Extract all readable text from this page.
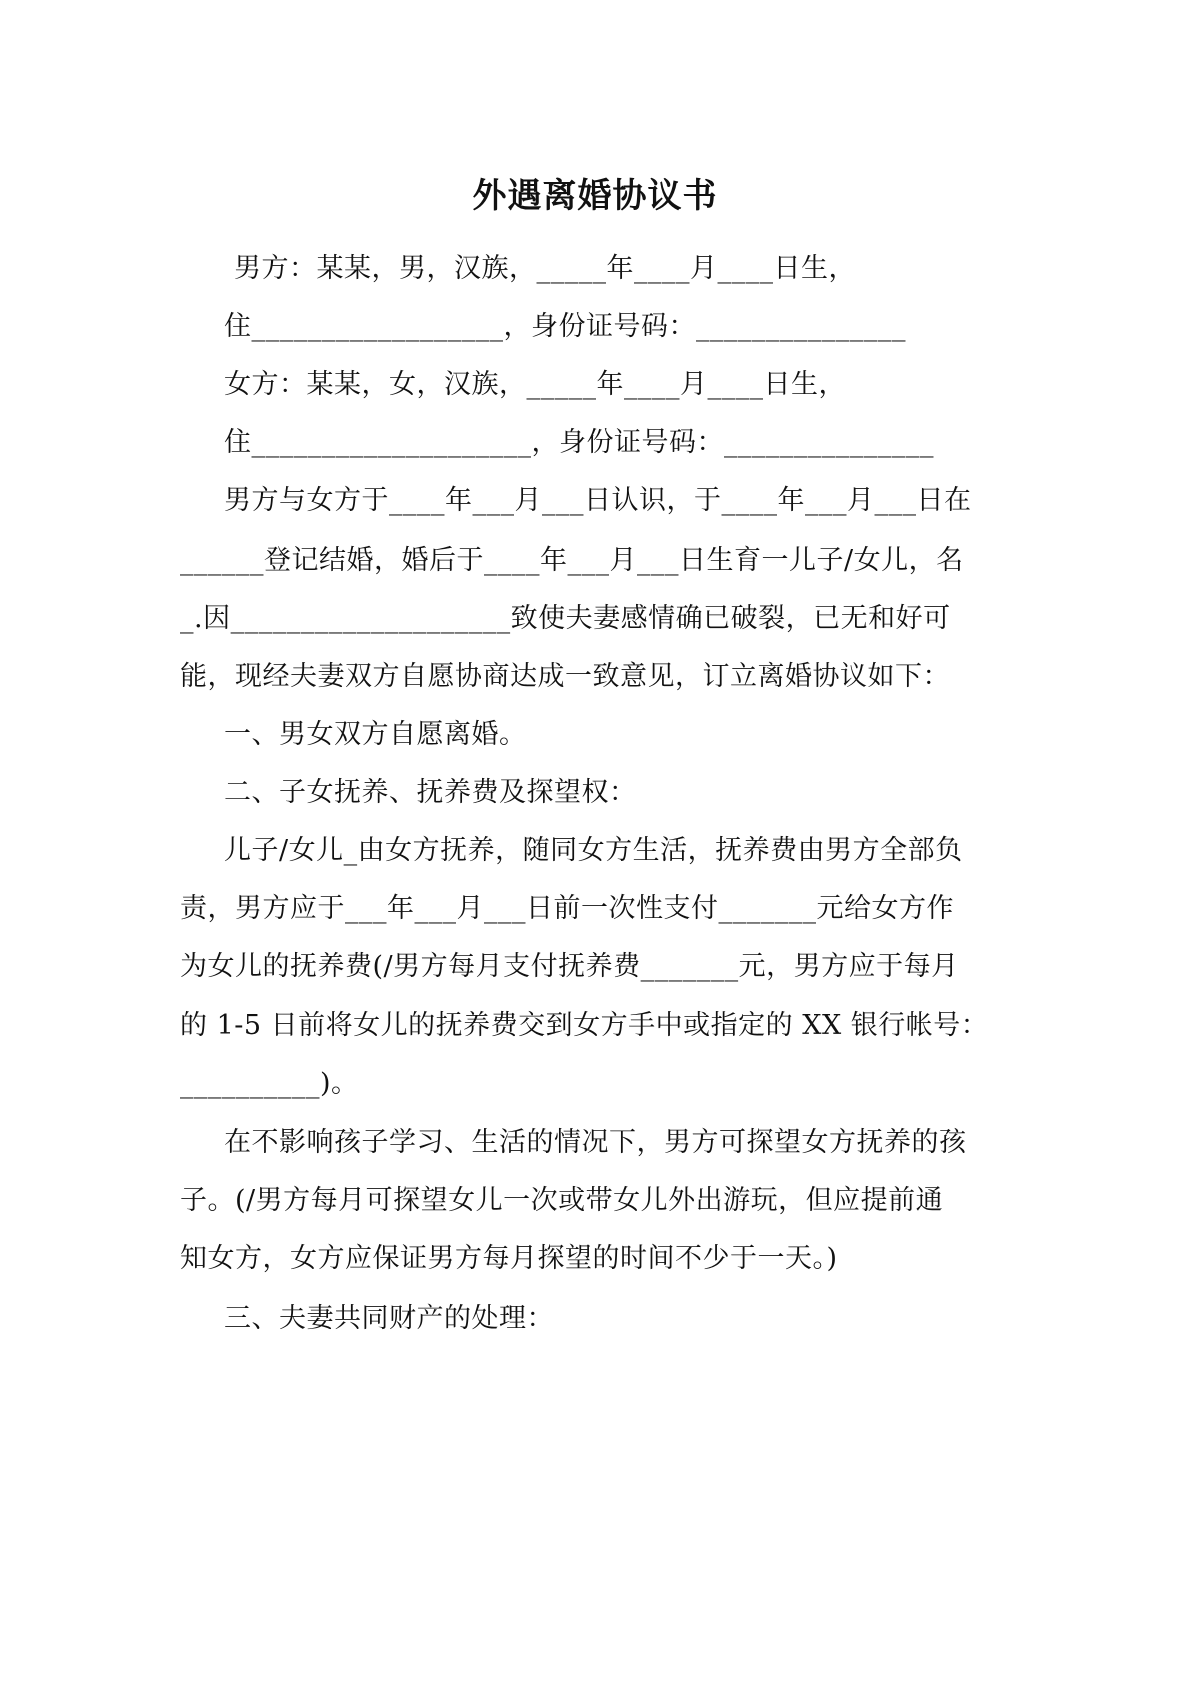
外遇离婚协议书
男方：某某，男，汉族，_____年____月____日生，
住__________________，身份证号码：_______________
女方：某某，女，汉族，_____年____月____日生，
住____________________，身份证号码：_______________
男方与女方于____年___月___日认识，于____年___月___日在
______登记结婚，婚后于____年___月___日生育一儿子/女儿，名
_.因____________________致使夫妻感情确已破裂，已无和好可
能，现经夫妻双方自愿协商达成一致意见，订立离婚协议如下：
一、男女双方自愿离婚。
二、子女抚养、抚养费及探望权：
儿子/女儿_由女方抚养，随同女方生活，抚养费由男方全部负
责，男方应于___年___月___日前一次性支付_______元给女方作
为女儿的抚养费(/男方每月支付抚养费_______元，男方应于每月
的 1-5 日前将女儿的抚养费交到女方手中或指定的 XX 银行帐号：
__________)。
在不影响孩子学习、生活的情况下，男方可探望女方抚养的孩
子。(/男方每月可探望女儿一次或带女儿外出游玩，但应提前通
知女方，女方应保证男方每月探望的时间不少于一天。)
三、夫妻共同财产的处理：
